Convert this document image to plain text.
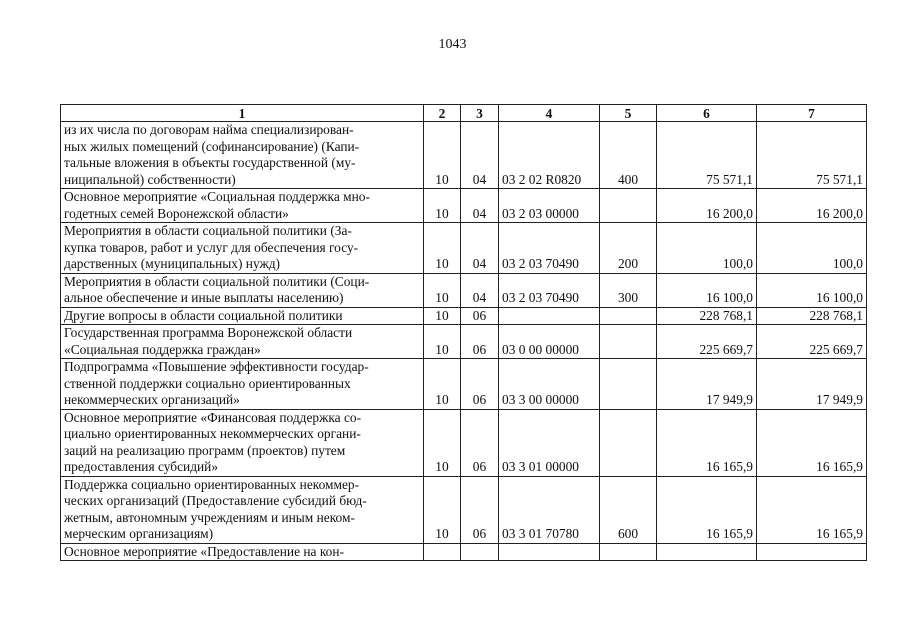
1043
1	2	3	4	5	6	7

из их числа по договорам найма специализирован-
ных жилых помещений (софинансирование) (Капи-
тальные вложения в объекты государственной (му-
ниципальной) собственности)	10	04	03 2 02 R0820	400	75 571,1	75 571,1

Основное мероприятие «Социальная поддержка мно-
годетных семей Воронежской области»	10	04	03 2 03 00000		16 200,0	16 200,0

Мероприятия в области социальной политики (За-
купка товаров, работ и услуг для обеспечения госу-
дарственных (муниципальных) нужд)	10	04	03 2 03 70490	200	100,0	100,0

Мероприятия в области социальной политики (Соци-
альное обеспечение и иные выплаты населению)	10	04	03 2 03 70490	300	16 100,0	16 100,0

Другие вопросы в области социальной политики	10	06			228 768,1	228 768,1

Государственная программа Воронежской области
«Социальная поддержка граждан»	10	06	03 0 00 00000		225 669,7	225 669,7

Подпрограмма «Повышение эффективности государ-
ственной поддержки социально ориентированных
некоммерческих организаций»	10	06	03 3 00 00000		17 949,9	17 949,9

Основное мероприятие «Финансовая поддержка со-
циально ориентированных некоммерческих органи-
заций на реализацию программ (проектов) путем
предоставления субсидий»	10	06	03 3 01 00000		16 165,9	16 165,9

Поддержка социально ориентированных некоммер-
ческих организаций (Предоставление субсидий бюд-
жетным, автономным учреждениям и иным неком-
мерческим организациям)	10	06	03 3 01 70780	600	16 165,9	16 165,9

Основное мероприятие «Предоставление на кон-						
